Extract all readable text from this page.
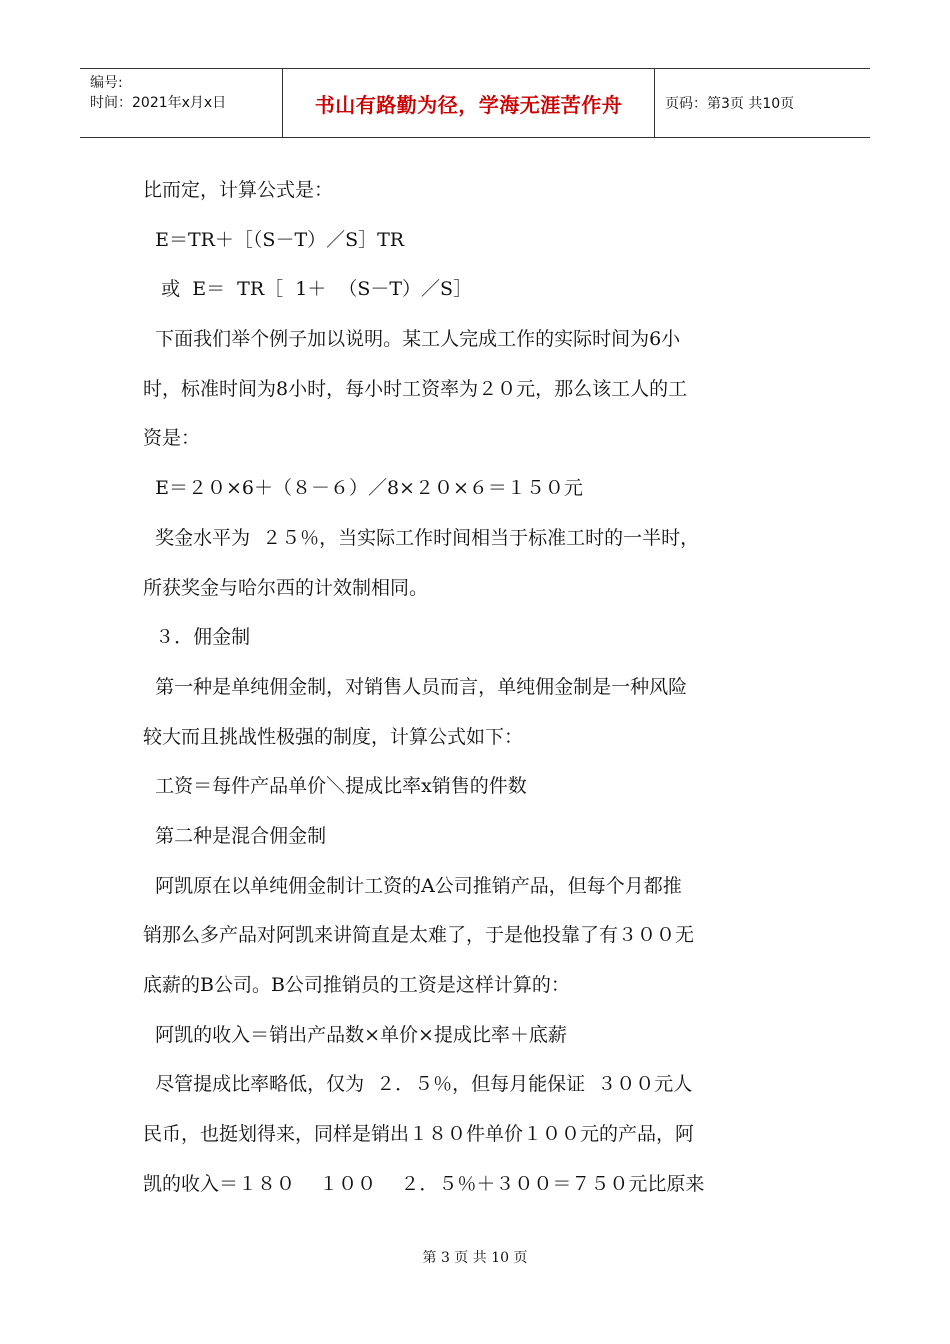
编号:
时间：2021年x月x日	书山有路勤为径，学海无涯苦作舟	页码：第3页 共10页
比而定，计算公式是：
E＝TR＋［（S－T）／S］TR
或  E＝  TR［  1＋  （S－T）／S］
下面我们举个例子加以说明。某工人完成工作的实际时间为6小
时，标准时间为8小时，每小时工资率为２０元，那么该工人的工
资是：
E＝２０×6＋（８－６）／8×２０×６＝１５０元
奖金水平为  ２５％，当实际工作时间相当于标准工时的一半时，
所获奖金与哈尔西的计效制相同。
３．佣金制
第一种是单纯佣金制，对销售人员而言，单纯佣金制是一种风险
较大而且挑战性极强的制度，计算公式如下：
工资＝每件产品单价＼提成比率x销售的件数
第二种是混合佣金制
阿凯原在以单纯佣金制计工资的A公司推销产品，但每个月都推
销那么多产品对阿凯来讲简直是太难了，于是他投靠了有３００无
底薪的B公司。B公司推销员的工资是这样计算的：
阿凯的收入＝销出产品数×单价×提成比率＋底薪
尽管提成比率略低，仅为  ２．５％，但每月能保证  ３００元人
民币，也挺划得来，同样是销出１８０件单价１００元的产品，阿
凯的收入＝１８０    １００    ２．５％＋３００＝７５０元比原来
第 3 页 共 10 页
